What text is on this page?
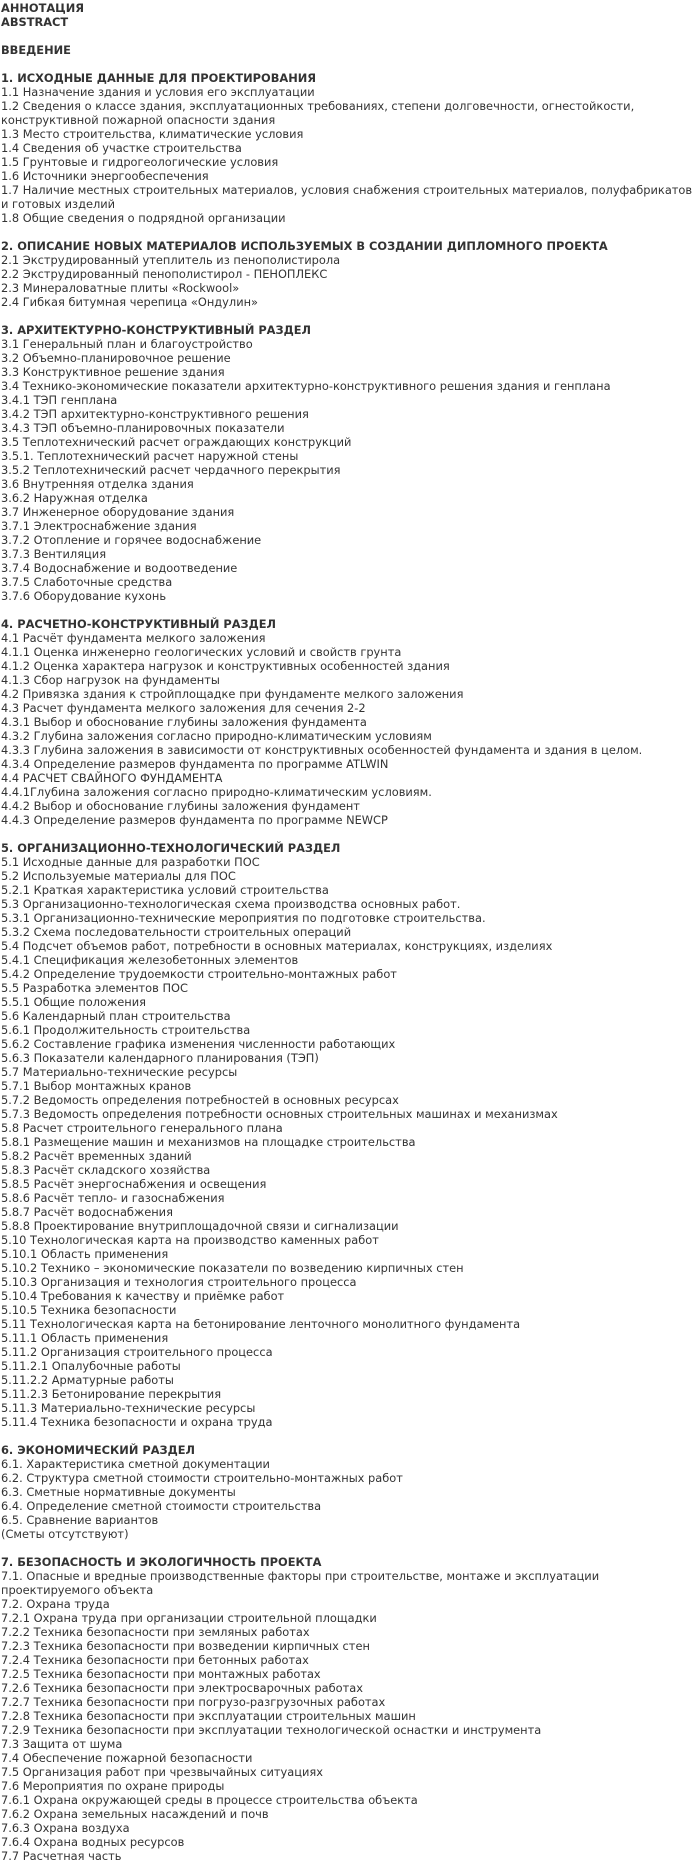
АННОТАЦИЯ
ABSTRACT
ВВЕДЕНИЕ
1. ИСХОДНЫЕ ДАННЫЕ ДЛЯ ПРОЕКТИРОВАНИЯ
1.1 Назначение здания и условия его эксплуатации
1.2 Сведения о классе здания, эксплуатационных требованиях, степени долговечности, огнестойкости, конструктивной пожарной опасности здания
1.3 Место строительства, климатические условия
1.4 Сведения об участке строительства
1.5 Грунтовые и гидрогеологические условия
1.6 Источники энергообеспечения
1.7 Наличие местных строительных материалов, условия снабжения строительных материалов, полуфабрикатов и готовых изделий
1.8 Общие сведения о подрядной организации
2. ОПИСАНИЕ НОВЫХ МАТЕРИАЛОВ ИСПОЛЬЗУЕМЫХ В СОЗДАНИИ ДИПЛОМНОГО ПРОЕКТА
2.1 Экструдированный утеплитель из пенополистирола
2.2 Экструдированный пенополистирол - ПЕНОПЛЕКС
2.3 Минераловатные плиты «Rockwool»
2.4 Гибкая битумная черепица «Ондулин»
3. АРХИТЕКТУРНО-КОНСТРУКТИВНЫЙ РАЗДЕЛ
3.1 Генеральный план и благоустройство
3.2 Объемно-планировочное решение
3.3 Конструктивное решение здания
3.4 Технико-экономические показатели архитектурно-конструктивного решения здания и генплана
3.4.1 ТЭП генплана
3.4.2 ТЭП архитектурно-конструктивного решения
3.4.3 ТЭП объемно-планировочных показатели
3.5 Теплотехнический расчет ограждающих конструкций
3.5.1. Теплотехнический расчет наружной стены
3.5.2 Теплотехнический расчет чердачного перекрытия
3.6 Внутренняя отделка здания
3.6.2 Наружная отделка
3.7 Инженерное оборудование здания
3.7.1 Электроснабжение здания
3.7.2 Отопление и горячее водоснабжение
3.7.3 Вентиляция
3.7.4 Водоснабжение и водоотведение
3.7.5 Слаботочные средства
3.7.6 Оборудование кухонь
4. РАСЧЕТНО-КОНСТРУКТИВНЫЙ РАЗДЕЛ
4.1 Расчёт фундамента мелкого заложения
4.1.1 Оценка инженерно геологических условий и свойств грунта
4.1.2 Оценка характера нагрузок и конструктивных особенностей здания
4.1.3 Сбор нагрузок на фундаменты
4.2 Привязка здания к стройплощадке при фундаменте мелкого заложения
4.3 Расчет фундамента мелкого заложения для сечения 2-2
4.3.1 Выбор и обоснование глубины заложения фундамента
4.3.2 Глубина заложения согласно природно-климатическим условиям
4.3.3 Глубина заложения в зависимости от конструктивных особенностей фундамента и здания в целом.
4.3.4 Определение размеров фундамента по программе ATLWIN
4.4 РАСЧЕТ СВАЙНОГО ФУНДАМЕНТА
4.4.1Глубина заложения согласно природно-климатическим условиям.
4.4.2 Выбор и обоснование глубины заложения фундамент
4.4.3 Определение размеров фундамента по программе NEWCP
5. ОРГАНИЗАЦИОННО-ТЕХНОЛОГИЧЕСКИЙ РАЗДЕЛ
5.1 Исходные данные для разработки ПОС
5.2 Используемые материалы для ПОС
5.2.1 Краткая характеристика условий строительства
5.3 Организационно-технологическая схема производства основных работ.
5.3.1 Организационно-технические мероприятия по подготовке строительства.
5.3.2 Схема последовательности строительных операций
5.4 Подсчет объемов работ, потребности в основных материалах, конструкциях, изделиях
5.4.1 Спецификация железобетонных элементов
5.4.2 Определение трудоемкости строительно-монтажных работ
5.5 Разработка элементов ПОС
5.5.1 Общие положения
5.6 Календарный план строительства
5.6.1 Продолжительность строительства
5.6.2 Составление графика изменения численности работающих
5.6.3 Показатели календарного планирования (ТЭП)
5.7 Материально-технические ресурсы
5.7.1 Выбор монтажных кранов
5.7.2 Ведомость определения потребностей в основных ресурсах
5.7.3 Ведомость определения потребности основных строительных машинах и механизмах
5.8 Расчет строительного генерального плана
5.8.1 Размещение машин и механизмов на площадке строительства
5.8.2 Расчёт временных зданий
5.8.3 Расчёт складского хозяйства
5.8.5 Расчёт энергоснабжения и освещения
5.8.6 Расчёт тепло- и газоснабжения
5.8.7 Расчёт водоснабжения
5.8.8 Проектирование внутриплощадочной связи и сигнализации
5.10 Технологическая карта на производство каменных работ
5.10.1 Область применения
5.10.2 Технико – экономические показатели по возведению кирпичных стен
5.10.3 Организация и технология строительного процесса
5.10.4 Требования к качеству и приёмке работ
5.10.5 Техника безопасности
5.11 Технологическая карта на бетонирование ленточного монолитного фундамента
5.11.1 Область применения
5.11.2 Организация строительного процесса
5.11.2.1 Опалубочные работы
5.11.2.2 Арматурные работы
5.11.2.3 Бетонирование перекрытия
5.11.3 Материально-технические ресурсы
5.11.4 Техника безопасности и охрана труда
6. ЭКОНОМИЧЕСКИЙ РАЗДЕЛ
6.1. Характеристика сметной документации
6.2. Структура сметной стоимости строительно-монтажных работ
6.3. Сметные нормативные документы
6.4. Определение сметной стоимости строительства
6.5. Сравнение вариантов
(Сметы отсутствуют)
7. БЕЗОПАСНОСТЬ И ЭКОЛОГИЧНОСТЬ ПРОЕКТА
7.1. Опасные и вредные производственные факторы при строительстве, монтаже и эксплуатации проектируемого объекта
7.2. Охрана труда
7.2.1 Охрана труда при организации строительной площадки
7.2.2 Техника безопасности при земляных работах
7.2.3 Техника безопасности при возведении кирпичных стен
7.2.4 Техника безопасности при бетонных работах
7.2.5 Техника безопасности при монтажных работах
7.2.6 Техника безопасности при электросварочных работах
7.2.7 Техника безопасности при погрузо-разгрузочных работах
7.2.8 Техника безопасности при эксплуатации строительных машин
7.2.9 Техника безопасности при эксплуатации технологической оснастки и инструмента
7.3 Защита от шума
7.4 Обеспечение пожарной безопасности
7.5 Организация работ при чрезвычайных ситуациях
7.6 Мероприятия по охране природы
7.6.1 Охрана окружающей среды в процессе строительства объекта
7.6.2 Охрана земельных насаждений и почв
7.6.3 Охрана воздуха
7.6.4 Охрана водных ресурсов
7.7 Расчетная часть
